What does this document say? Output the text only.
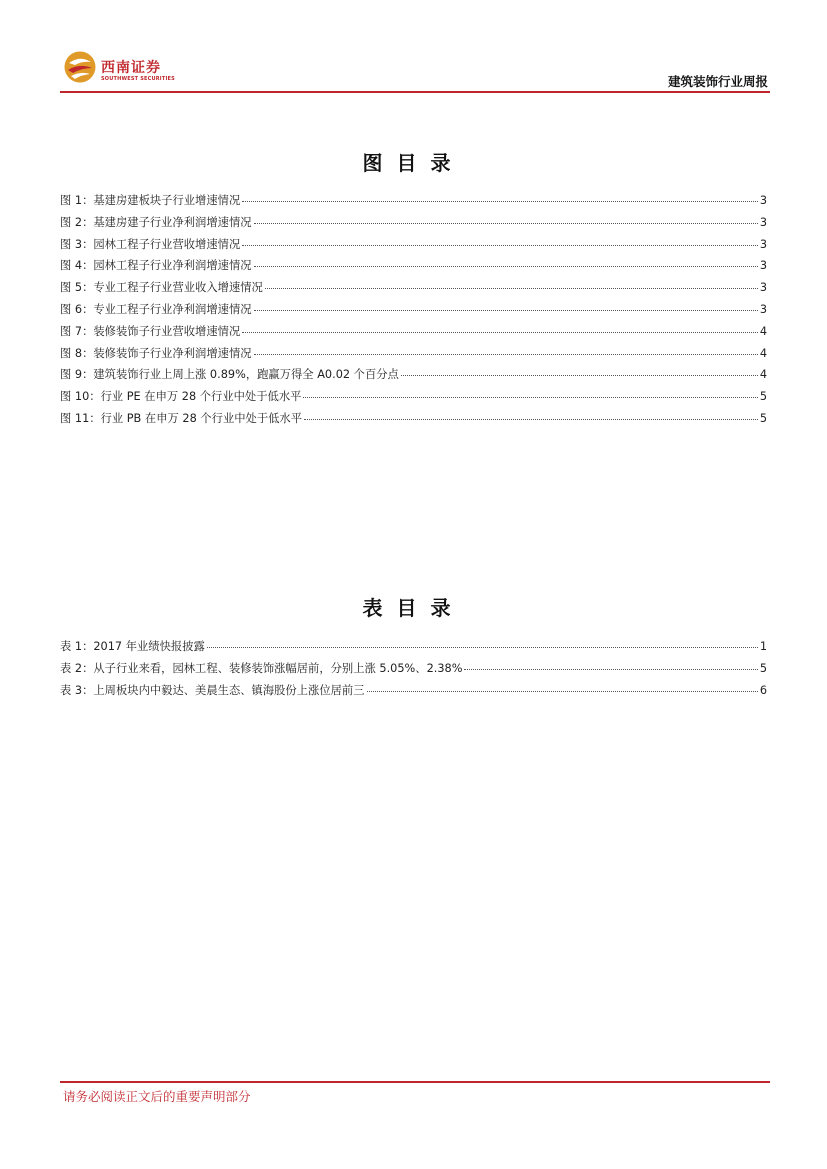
西南证券
SOUTHWEST SECURITIES	建筑装饰行业周报
图目录
图 1： 基建房建板块子行业增速情况	3
图 2： 基建房建子行业净利润增速情况	3
图 3： 园林工程子行业营收增速情况	3
图 4： 园林工程子行业净利润增速情况	3
图 5： 专业工程子行业营业收入增速情况	3
图 6： 专业工程子行业净利润增速情况	3
图 7： 装修装饰子行业营收增速情况	4
图 8： 装修装饰子行业净利润增速情况	4
图 9： 建筑装饰行业上周上涨 0.89%，跑赢万得全 A0.02 个百分点	4
图 10： 行业 PE 在申万 28 个行业中处于低水平	5
图 11： 行业 PB 在申万 28 个行业中处于低水平	5
表目录
表 1： 2017 年业绩快报披露	1
表 2： 从子行业来看，园林工程、装修装饰涨幅居前，分别上涨 5.05%、2.38%	5
表 3： 上周板块内中毅达、美晨生态、镇海股份上涨位居前三	6
请务必阅读正文后的重要声明部分
